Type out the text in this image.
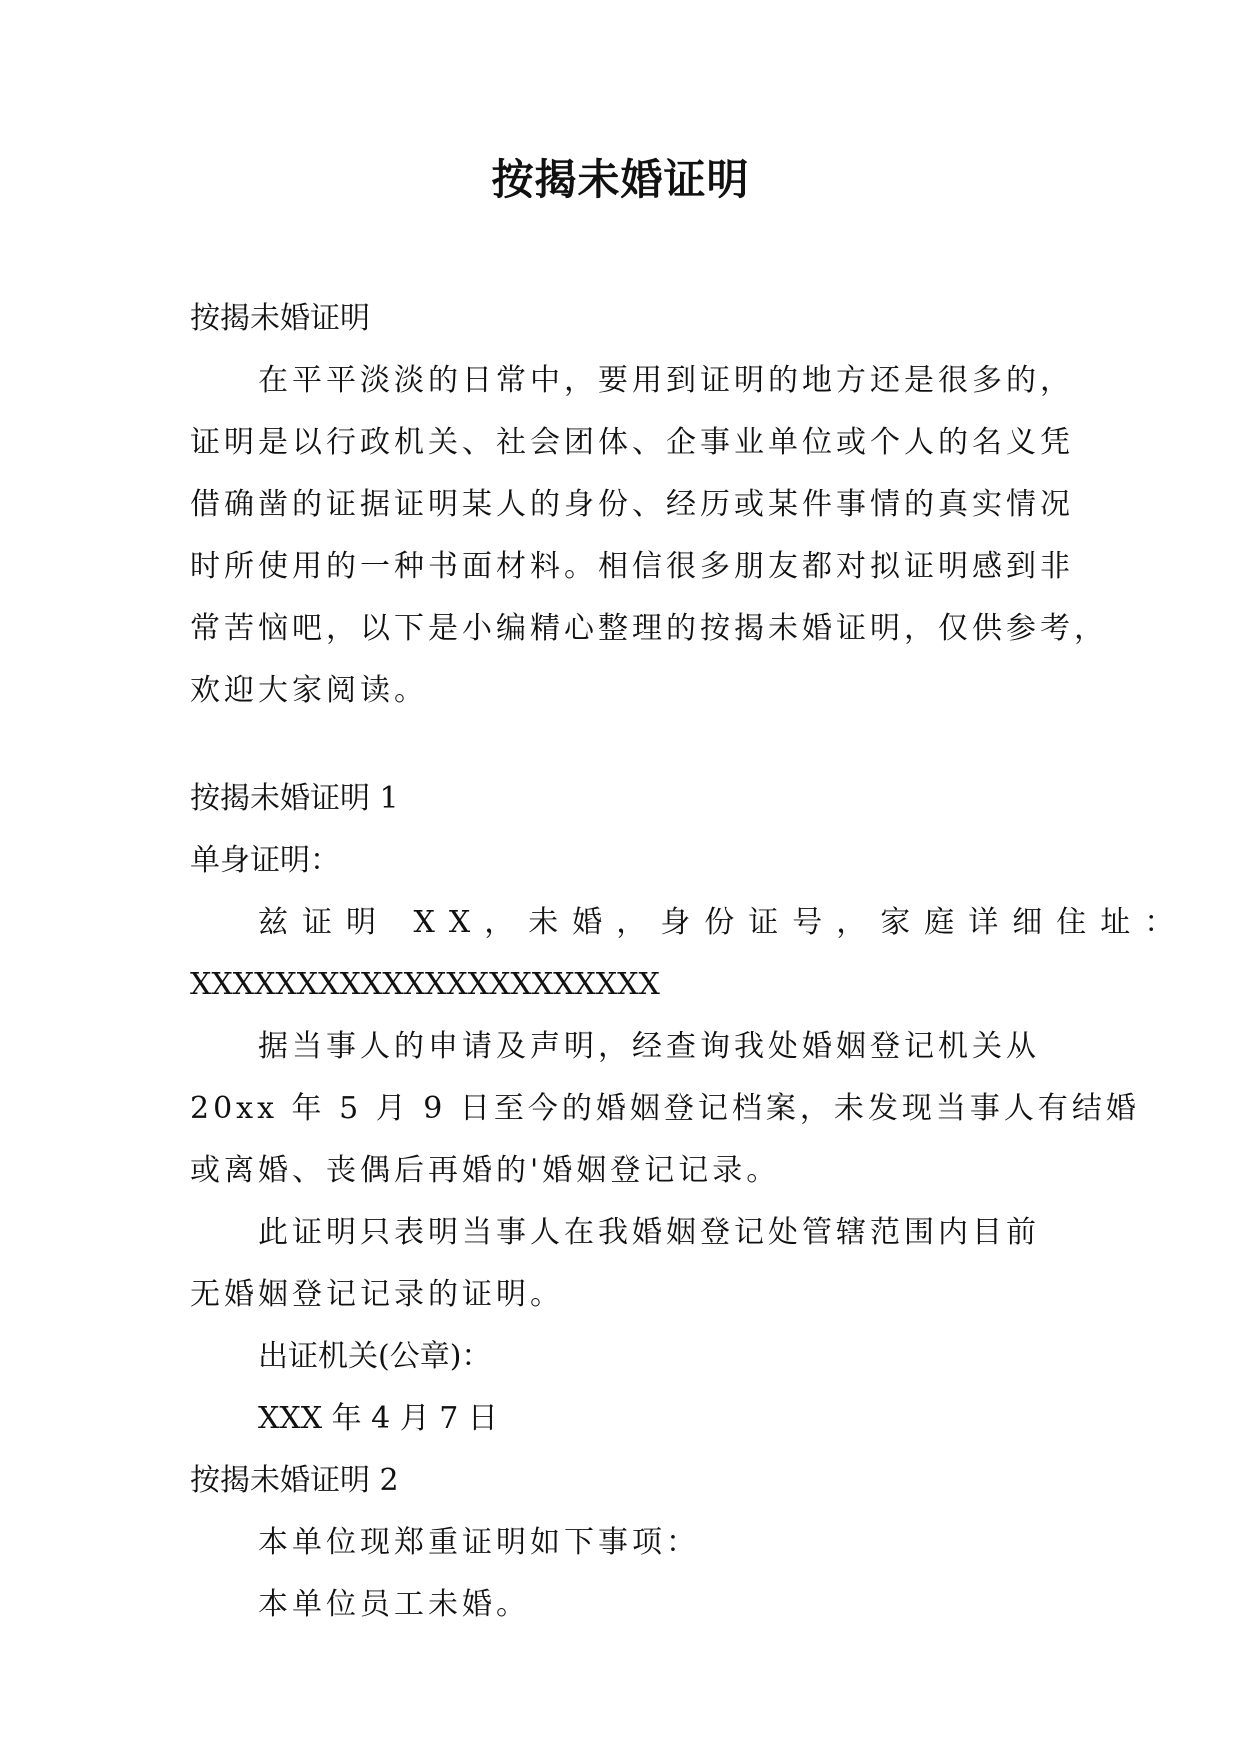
按揭未婚证明
按揭未婚证明
在平平淡淡的日常中，要用到证明的地方还是很多的，
证明是以行政机关、社会团体、企事业单位或个人的名义凭
借确凿的证据证明某人的身份、经历或某件事情的真实情况
时所使用的一种书面材料。相信很多朋友都对拟证明感到非
常苦恼吧，以下是小编精心整理的按揭未婚证明，仅供参考，
欢迎大家阅读。
按揭未婚证明 1
单身证明：
兹证明 XX，未婚，身份证号，家庭详细住址：
XXXXXXXXXXXXXXXXXXXXXX
据当事人的申请及声明，经查询我处婚姻登记机关从
20xx 年 5 月 9 日至今的婚姻登记档案，未发现当事人有结婚
或离婚、丧偶后再婚的'婚姻登记记录。
此证明只表明当事人在我婚姻登记处管辖范围内目前
无婚姻登记记录的证明。
出证机关(公章)：
XXX 年 4 月 7 日
按揭未婚证明 2
本单位现郑重证明如下事项：
本单位员工未婚。
